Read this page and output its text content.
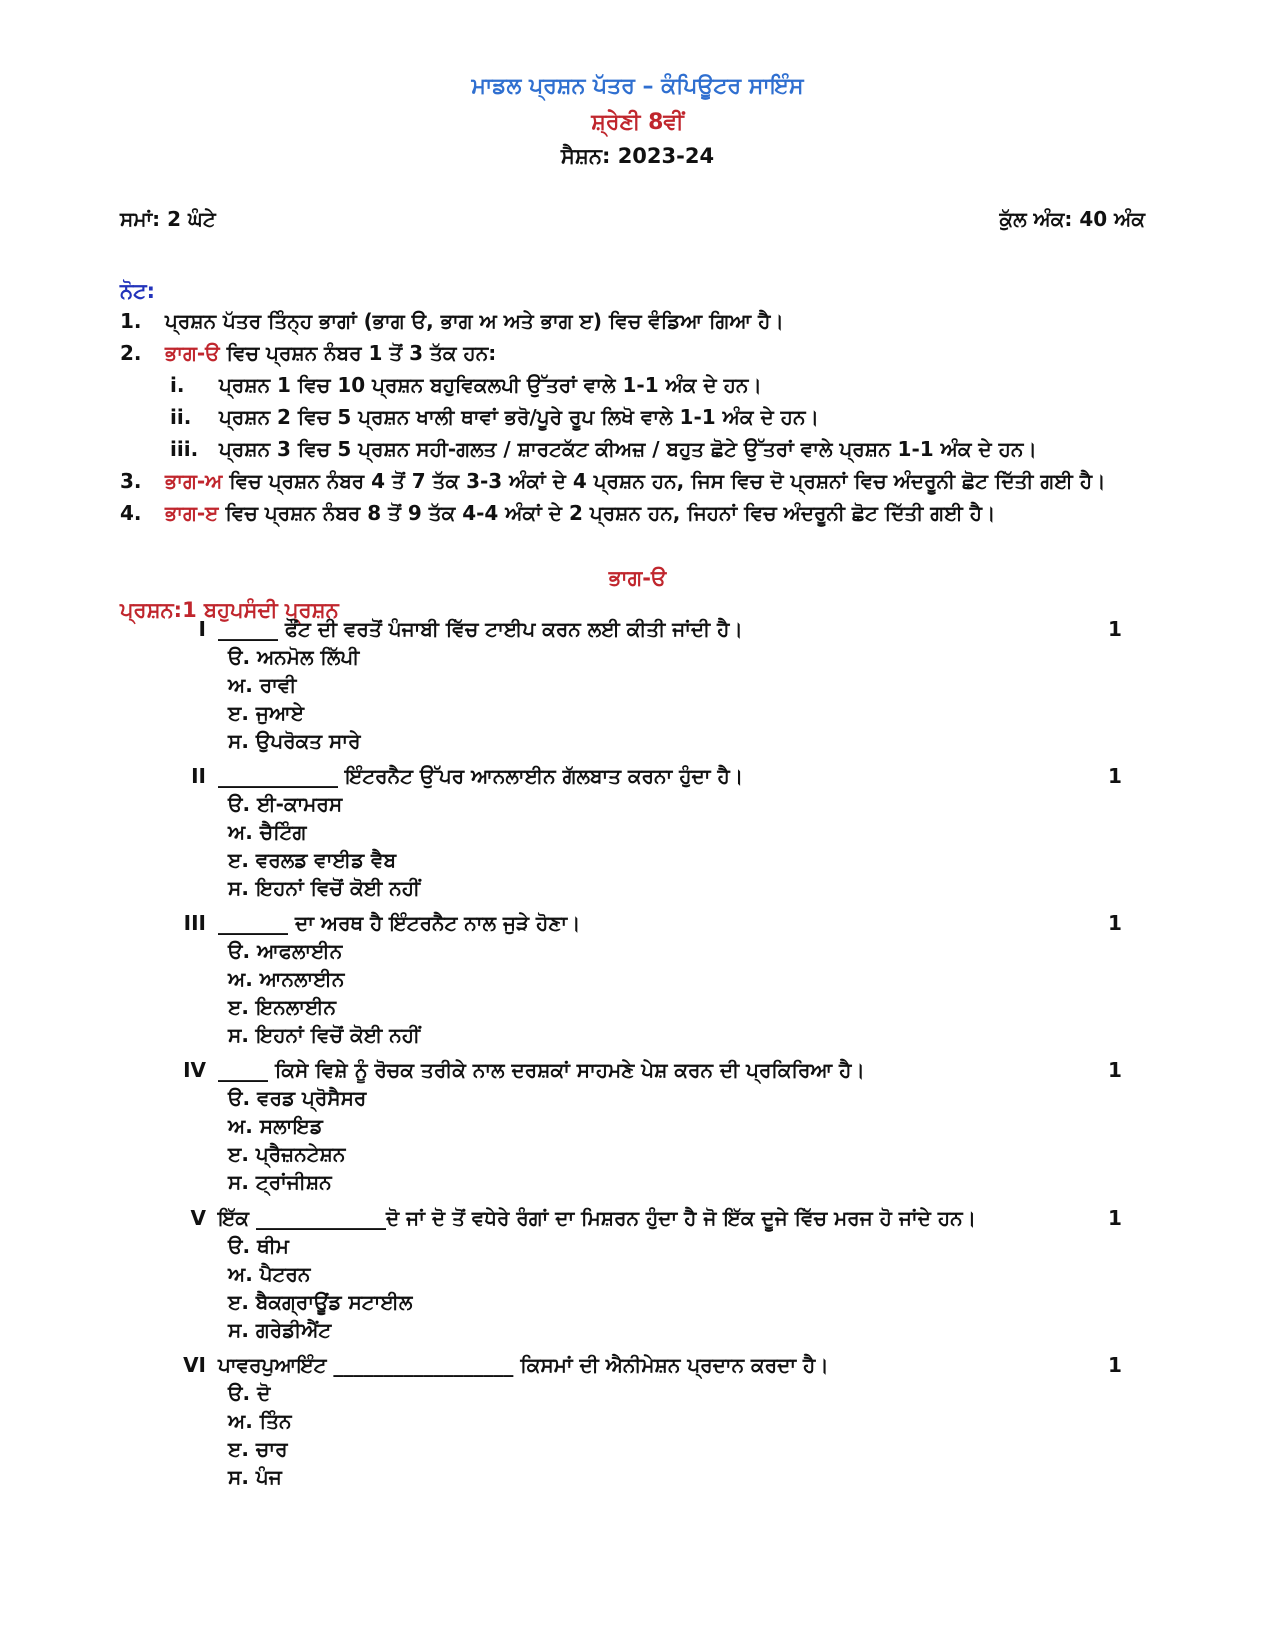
ਮਾਡਲ ਪ੍ਰਸ਼ਨ ਪੱਤਰ – ਕੰਪਿਊਟਰ ਸਾਇੰਸ
ਸ਼੍ਰੇਣੀ 8ਵੀਂ
ਸੈਸ਼ਨ: 2023-24
ਸਮਾਂ: 2 ਘੰਟੇ	ਕੁੱਲ ਅੰਕ: 40 ਅੰਕ
ਨੋਟ:
1. ਪ੍ਰਸ਼ਨ ਪੱਤਰ ਤਿੰਨ੍ਹ ਭਾਗਾਂ (ਭਾਗ ੳ, ਭਾਗ ਅ ਅਤੇ ਭਾਗ ੲ) ਵਿਚ ਵੰਡਿਆ ਗਿਆ ਹੈ।
2. ਭਾਗ-ੳ ਵਿਚ ਪ੍ਰਸ਼ਨ ਨੰਬਰ 1 ਤੋਂ 3 ਤੱਕ ਹਨ:
i. ਪ੍ਰਸ਼ਨ 1 ਵਿਚ 10 ਪ੍ਰਸ਼ਨ ਬਹੁਵਿਕਲਪੀ ਉੱਤਰਾਂ ਵਾਲੇ 1-1 ਅੰਕ ਦੇ ਹਨ।
ii. ਪ੍ਰਸ਼ਨ 2 ਵਿਚ 5 ਪ੍ਰਸ਼ਨ ਖਾਲੀ ਥਾਵਾਂ ਭਰੋ/ਪੂਰੇ ਰੂਪ ਲਿਖੋ ਵਾਲੇ 1-1 ਅੰਕ ਦੇ ਹਨ।
iii. ਪ੍ਰਸ਼ਨ 3 ਵਿਚ 5 ਪ੍ਰਸ਼ਨ ਸਹੀ-ਗਲਤ / ਸ਼ਾਰਟਕੱਟ ਕੀਅਜ਼ / ਬਹੁਤ ਛੋਟੇ ਉੱਤਰਾਂ ਵਾਲੇ ਪ੍ਰਸ਼ਨ 1-1 ਅੰਕ ਦੇ ਹਨ।
3. ਭਾਗ-ਅ ਵਿਚ ਪ੍ਰਸ਼ਨ ਨੰਬਰ 4 ਤੋਂ 7 ਤੱਕ 3-3 ਅੰਕਾਂ ਦੇ 4 ਪ੍ਰਸ਼ਨ ਹਨ, ਜਿਸ ਵਿਚ ਦੋ ਪ੍ਰਸ਼ਨਾਂ ਵਿਚ ਅੰਦਰੂਨੀ ਛੋਟ ਦਿੱਤੀ ਗਈ ਹੈ।
4. ਭਾਗ-ੲ ਵਿਚ ਪ੍ਰਸ਼ਨ ਨੰਬਰ 8 ਤੋਂ 9 ਤੱਕ 4-4 ਅੰਕਾਂ ਦੇ 2 ਪ੍ਰਸ਼ਨ ਹਨ, ਜਿਹਨਾਂ ਵਿਚ ਅੰਦਰੂਨੀ ਛੋਟ ਦਿੱਤੀ ਗਈ ਹੈ।
ਭਾਗ-ੳ
ਪ੍ਰਸ਼ਨ:1 ਬਹੁਪਸੰਦੀ ਪ੍ਰਸ਼ਨ
I ______ ਫੌਂਟ ਦੀ ਵਰਤੋਂ ਪੰਜਾਬੀ ਵਿੱਚ ਟਾਈਪ ਕਰਨ ਲਈ ਕੀਤੀ ਜਾਂਦੀ ਹੈ।	1
ੳ. ਅਨਮੋਲ ਲਿੱਪੀ
ਅ. ਰਾਵੀ
ੲ. ਜੁਆਏ
ਸ. ਉਪਰੋਕਤ ਸਾਰੇ
II ____________ ਇੰਟਰਨੈਟ ਉੱਪਰ ਆਨਲਾਈਨ ਗੱਲਬਾਤ ਕਰਨਾ ਹੁੰਦਾ ਹੈ।	1
ੳ. ਈ-ਕਾਮਰਸ
ਅ. ਚੈਟਿੰਗ
ੲ. ਵਰਲਡ ਵਾਈਡ ਵੈਬ
ਸ. ਇਹਨਾਂ ਵਿਚੋਂ ਕੋਈ ਨਹੀਂ
III _______ ਦਾ ਅਰਥ ਹੈ ਇੰਟਰਨੈਟ ਨਾਲ ਜੁੜੇ ਹੋਣਾ।	1
ੳ. ਆਫਲਾਈਨ
ਅ. ਆਨਲਾਈਨ
ੲ. ਇਨਲਾਈਨ
ਸ. ਇਹਨਾਂ ਵਿਚੋਂ ਕੋਈ ਨਹੀਂ
IV _____ ਕਿਸੇ ਵਿਸ਼ੇ ਨੂੰ ਰੋਚਕ ਤਰੀਕੇ ਨਾਲ ਦਰਸ਼ਕਾਂ ਸਾਹਮਣੇ ਪੇਸ਼ ਕਰਨ ਦੀ ਪ੍ਰਕਿਰਿਆ ਹੈ।	1
ੳ. ਵਰਡ ਪ੍ਰੋਸੈਸਰ
ਅ. ਸਲਾਇਡ
ੲ. ਪ੍ਰੈਜ਼ਨਟੇਸ਼ਨ
ਸ. ਟ੍ਰਾਂਜੀਸ਼ਨ
V ਇੱਕ _____________ਦੋ ਜਾਂ ਦੋ ਤੋਂ ਵਧੇਰੇ ਰੰਗਾਂ ਦਾ ਮਿਸ਼ਰਨ ਹੁੰਦਾ ਹੈ ਜੋ ਇੱਕ ਦੂਜੇ ਵਿੱਚ ਮਰਜ ਹੋ ਜਾਂਦੇ ਹਨ।	1
ੳ. ਥੀਮ
ਅ. ਪੈਟਰਨ
ੲ. ਬੈਕਗ੍ਰਾਊਂਡ ਸਟਾਈਲ
ਸ. ਗਰੇਡੀਐਂਟ
VI ਪਾਵਰਪੁਆਇੰਟ __________________ ਕਿਸਮਾਂ ਦੀ ਐਨੀਮੇਸ਼ਨ ਪ੍ਰਦਾਨ ਕਰਦਾ ਹੈ।	1
ੳ. ਦੋ
ਅ. ਤਿੰਨ
ੲ. ਚਾਰ
ਸ. ਪੰਜ
